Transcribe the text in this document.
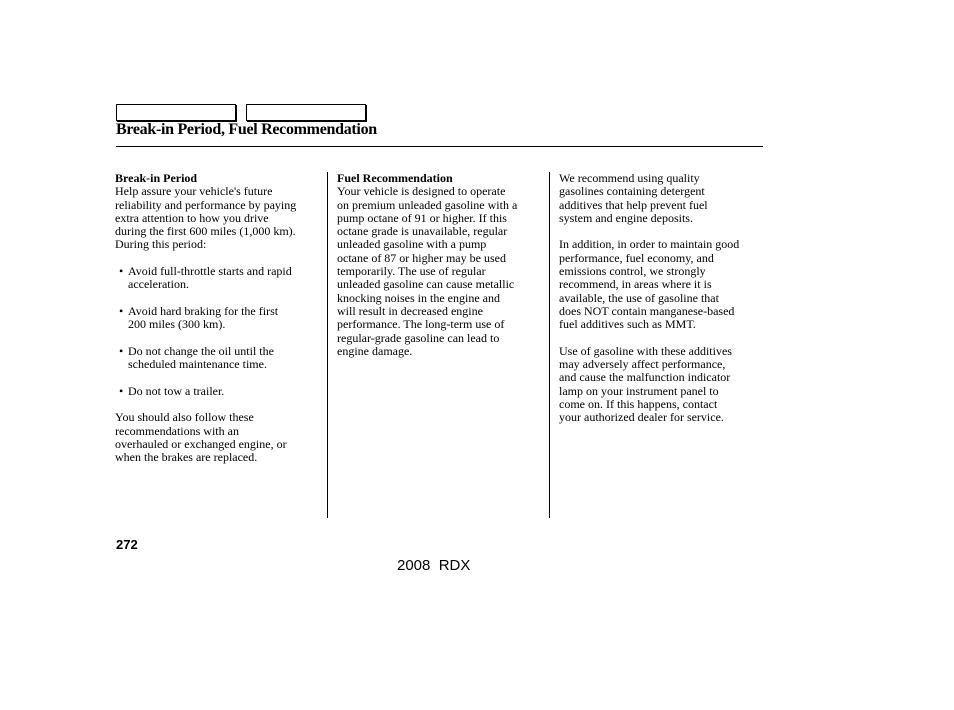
Break-in Period, Fuel Recommendation
Break-in Period

Help assure your vehicle's future
reliability and performance by paying
extra attention to how you drive
during the first 600 miles (1,000 km).
During this period:

• Avoid full-throttle starts and rapid
acceleration.
• Avoid hard braking for the first
200 miles (300 km).
• Do not change the oil until the
scheduled maintenance time.
• Do not tow a trailer.

You should also follow these
recommendations with an
overhauled or exchanged engine, or
when the brakes are replaced.

Fuel Recommendation

Your vehicle is designed to operate
on premium unleaded gasoline with a
pump octane of 91 or higher. If this
octane grade is unavailable, regular
unleaded gasoline with a pump
octane of 87 or higher may be used
temporarily. The use of regular
unleaded gasoline can cause metallic
knocking noises in the engine and
will result in decreased engine
performance. The long-term use of
regular-grade gasoline can lead to
engine damage.

We recommend using quality
gasolines containing detergent
additives that help prevent fuel
system and engine deposits.

In addition, in order to maintain good
performance, fuel economy, and
emissions control, we strongly
recommend, in areas where it is
available, the use of gasoline that
does NOT contain manganese-based
fuel additives such as MMT.

Use of gasoline with these additives
may adversely affect performance,
and cause the malfunction indicator
lamp on your instrument panel to
come on. If this happens, contact
your authorized dealer for service.

272
2008  RDX
